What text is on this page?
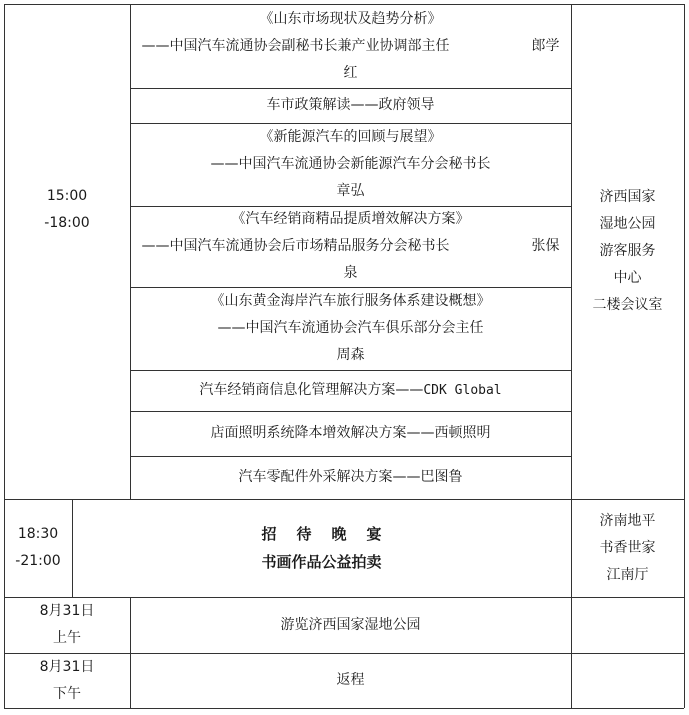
15:00
-18:00
济西国家
湿地公园
游客服务
中心
二楼会议室
《山东市场现状及趋势分析》
——中国汽车流通协会副秘书长兼产业协调部主任	郎学
红
车市政策解读——政府领导
《新能源汽车的回顾与展望》
——中国汽车流通协会新能源汽车分会秘书长
章弘
《汽车经销商精品提质增效解决方案》
——中国汽车流通协会后市场精品服务分会秘书长	张保
泉
《山东黄金海岸汽车旅行服务体系建设概想》
——中国汽车流通协会汽车俱乐部分会主任
周森
汽车经销商信息化管理解决方案——CDK Global
店面照明系统降本增效解决方案——西顿照明
汽车零配件外采解决方案——巴图鲁
18:30
-21:00
招待晚宴
书画作品公益拍卖
济南地平
书香世家
江南厅
8月31日
上午
游览济西国家湿地公园
8月31日
下午
返程
